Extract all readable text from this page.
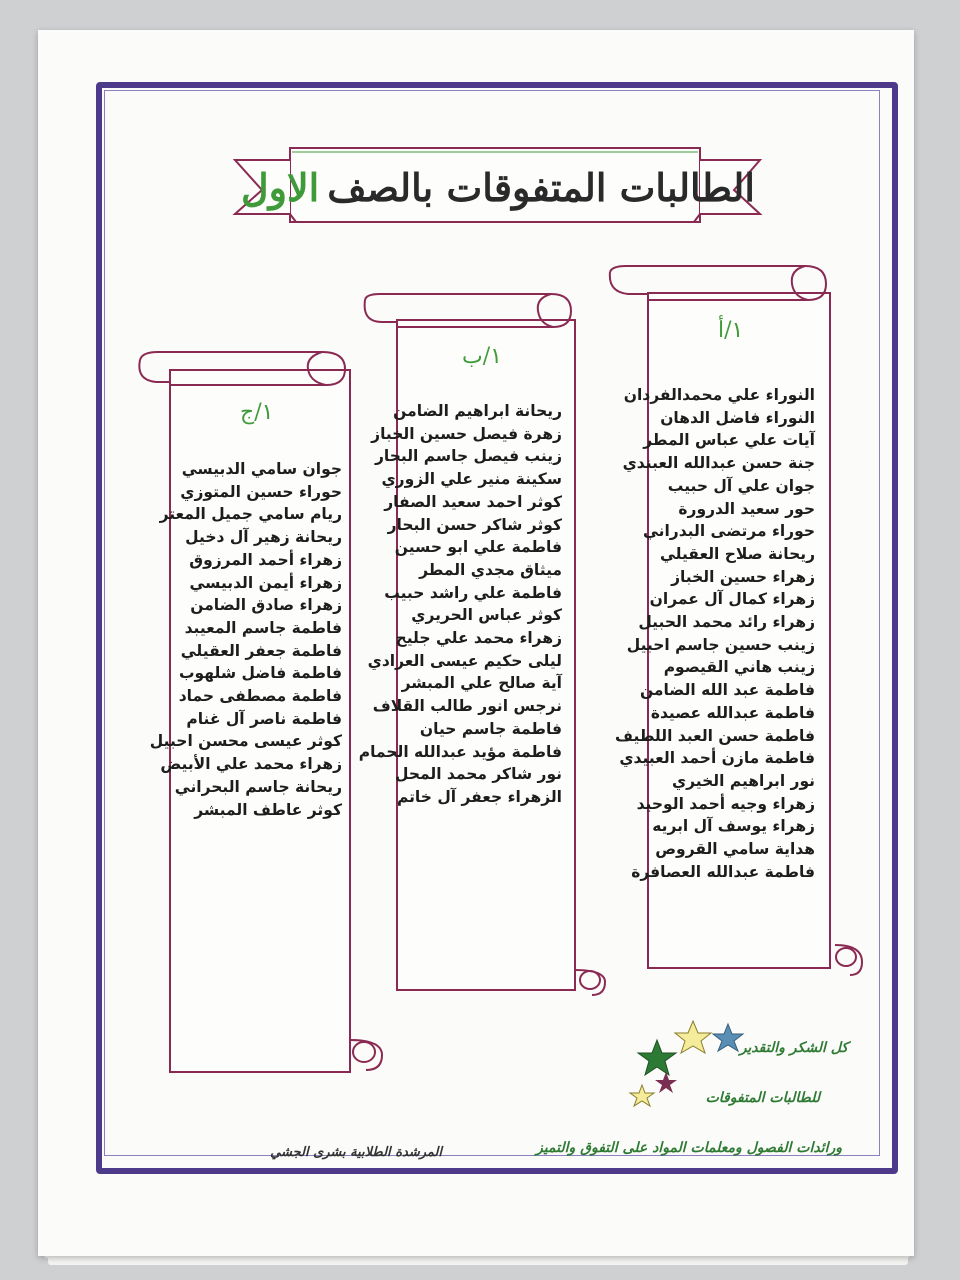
الطالبات المتفوقات بالصف
الاول
١/أ
النوراء علي محمدالفردان
النوراء فاضل الدهان
آيات علي عباس المطر
جنة حسن عبدالله العبندي
جوان علي آل حبيب
حور سعيد الدرورة
حوراء مرتضى البدراني
ريحانة صلاح العقيلي
زهراء حسين الخباز
زهراء كمال آل عمران
زهراء رائد محمد الحبيل
زينب حسين جاسم احبيل
زينب هاني القيصوم
فاطمة عبد الله الضامن
فاطمة عبدالله عصيدة
فاطمة حسن العبد اللطيف
فاطمة مازن أحمد العبيدي
نور ابراهيم الخيري
زهراء وجيه أحمد الوحيد
زهراء يوسف آل ابريه
هداية سامي القروص
فاطمة عبدالله العصافرة
١/ب
ريحانة ابراهيم الضامن
زهرة فيصل حسين الخباز
زينب فيصل جاسم البحار
سكينة منير علي الزوري
كوثر احمد سعيد الصفار
كوثر شاكر حسن البحار
فاطمة علي ابو حسين
ميثاق مجدي المطر
فاطمة علي راشد حبيب
كوثر عباس الحريري
زهراء محمد علي جليح
ليلى حكيم عيسى العرادي
آية صالح علي المبشر
نرجس انور طالب القلاف
فاطمة جاسم حيان
فاطمة مؤيد عبدالله الحمام
نور شاكر محمد المحل
الزهراء جعفر آل خاتم
١/ج
جوان سامي الدبيسي
حوراء حسين المتوزي
ريام سامي جميل المعتر
ريحانة زهير آل دخيل
زهراء أحمد المرزوق
زهراء أيمن الدبيسي
زهراء صادق الضامن
فاطمة جاسم المعيبد
فاطمة جعفر العقيلي
فاطمة فاضل شلهوب
فاطمة مصطفى حماد
فاطمة ناصر آل غنام
كوثر عيسى محسن احبيل
زهراء محمد علي الأبيض
ريحانة جاسم البحراني
كوثر عاطف المبشر
كل الشكر والتقدير
للطالبات المتفوقات
ورائدات الفصول ومعلمات المواد على التفوق والتميز
المرشدة الطلابية بشرى الجشي
